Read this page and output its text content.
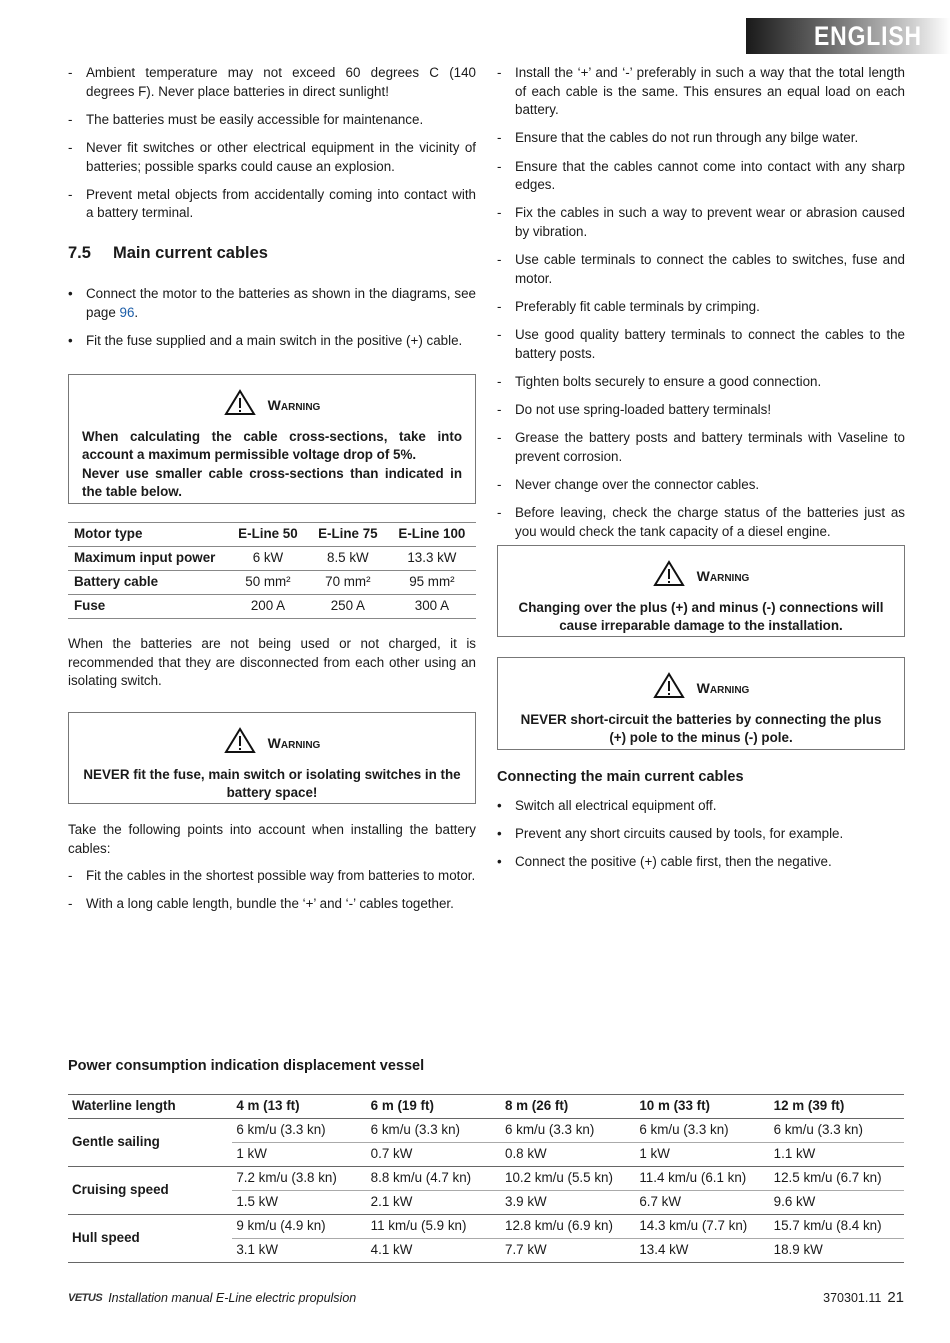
ENGLISH
- Ambient temperature may not exceed 60 degrees C (140 degrees F). Never place batteries in direct sunlight!
- The batteries must be easily accessible for maintenance.
- Never fit switches or other electrical equipment in the vicinity of batteries; possible sparks could cause an explosion.
- Prevent metal objects from accidentally coming into contact with a battery terminal.
7.5 Main current cables
• Connect the motor to the batteries as shown in the diagrams, see page 96.
• Fit the fuse supplied and a main switch in the positive (+) cable.
Warning
When calculating the cable cross-sections, take into account a maximum permissible voltage drop of 5%.
Never use smaller cable cross-sections than indicated in the table below.
Motor type	E-Line 50	E-Line 75	E-Line 100
Maximum input power	6 kW	8.5 kW	13.3 kW
Battery cable	50 mm²	70 mm²	95 mm²
Fuse	200 A	250 A	300 A

When the batteries are not being used or not charged, it is recommended that they are disconnected from each other using an isolating switch.

Warning
NEVER fit the fuse, main switch or isolating switches in the battery space!

Take the following points into account when installing the battery cables:

- Fit the cables in the shortest possible way from batteries to motor.
- With a long cable length, bundle the ‘+’ and ‘-’ cables together.
- Install the ‘+’ and ‘-’ preferably in such a way that the total length of each cable is the same. This ensures an equal load on each battery.
- Ensure that the cables do not run through any bilge water.
- Ensure that the cables cannot come into contact with any sharp edges.
- Fix the cables in such a way to prevent wear or abrasion caused by vibration.
- Use cable terminals to connect the cables to switches, fuse and motor.
- Preferably fit cable terminals by crimping.
- Use good quality battery terminals to connect the cables to the battery posts.
- Tighten bolts securely to ensure a good connection.
- Do not use spring-loaded battery terminals!
- Grease the battery posts and battery terminals with Vaseline to prevent corrosion.
- Never change over the connector cables.
- Before leaving, check the charge status of the batteries just as you would check the tank capacity of a diesel engine.
Warning
Changing over the plus (+) and minus (-) connections will cause irreparable damage to the installation.
Warning
NEVER short-circuit the batteries by connecting the plus (+) pole to the minus (-) pole.
Connecting the main current cables
• Switch all electrical equipment off.
• Prevent any short circuits caused by tools, for example.
• Connect the positive (+) cable first, then the negative.
Power consumption indication displacement vessel
Waterline length	4 m (13 ft)	6 m (19 ft)	8 m (26 ft)	10 m (33 ft)	12 m (39 ft)
Gentle sailing	6 km/u (3.3 kn)	6 km/u (3.3 kn)	6 km/u (3.3 kn)	6 km/u (3.3 kn)	6 km/u (3.3 kn)
	1 kW	0.7 kW	0.8 kW	1 kW	1.1 kW
Cruising speed	7.2 km/u (3.8 kn)	8.8 km/u (4.7 kn)	10.2 km/u (5.5 kn)	11.4 km/u (6.1 kn)	12.5 km/u (6.7 kn)
	1.5 kW	2.1 kW	3.9 kW	6.7 kW	9.6 kW
Hull speed	9 km/u (4.9 kn)	11 km/u (5.9 kn)	12.8 km/u (6.9 kn)	14.3 km/u (7.7 kn)	15.7 km/u (8.4 kn)
	3.1 kW	4.1 kW	7.7 kW	13.4 kW	18.9 kW
VETUS Installation manual E-Line electric propulsion	370301.11 21
